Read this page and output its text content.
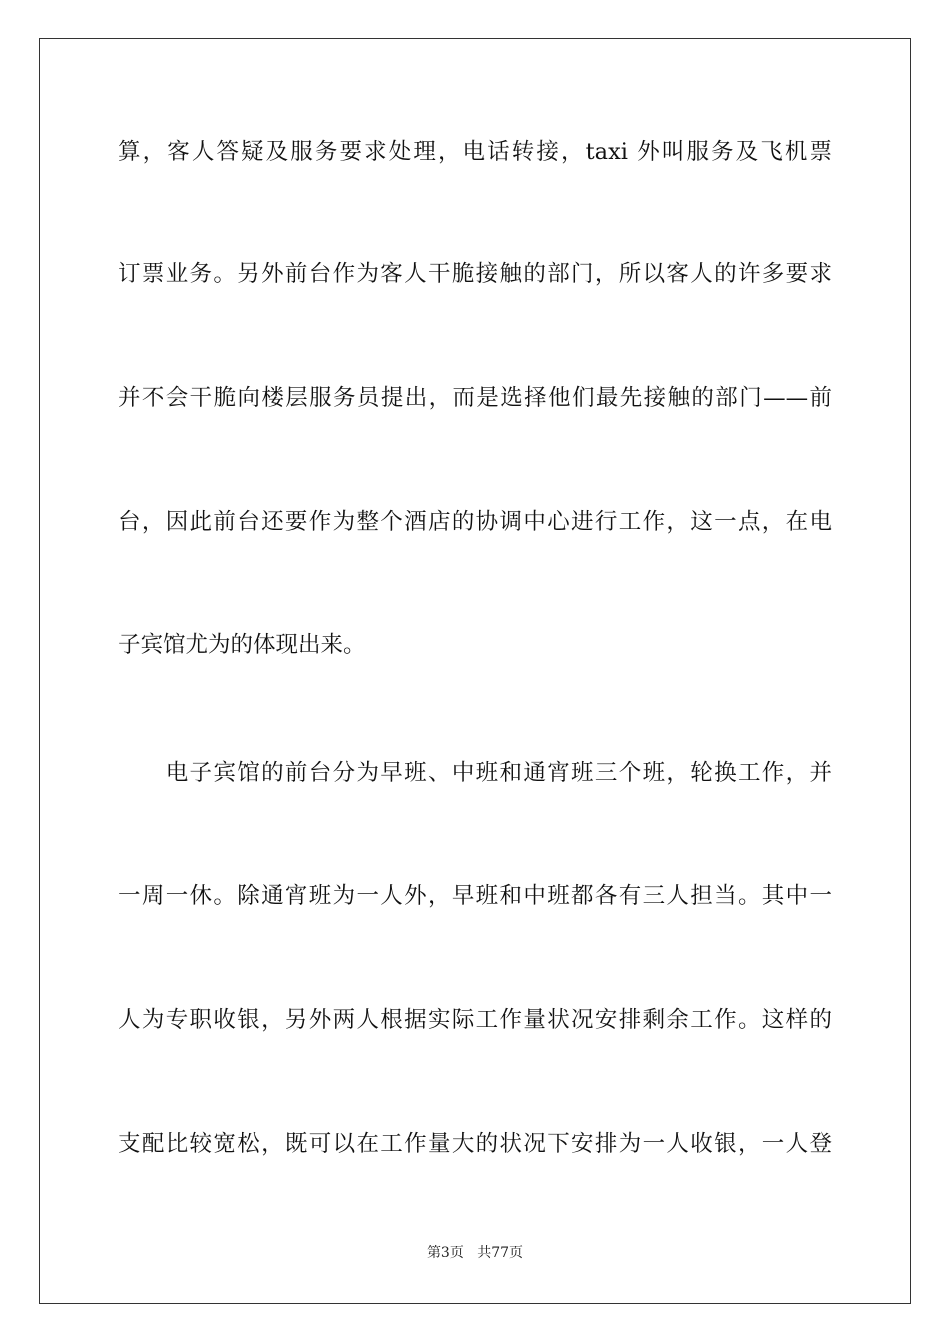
算，客人答疑及服务要求处理，电话转接，taxi 外叫服务及飞机票
订票业务。另外前台作为客人干脆接触的部门，所以客人的许多要求
并不会干脆向楼层服务员提出，而是选择他们最先接触的部门——前
台，因此前台还要作为整个酒店的协调中心进行工作，这一点，在电
子宾馆尤为的体现出来。
　　电子宾馆的前台分为早班、中班和通宵班三个班，轮换工作，并
一周一休。除通宵班为一人外，早班和中班都各有三人担当。其中一
人为专职收银，另外两人根据实际工作量状况安排剩余工作。这样的
支配比较宽松，既可以在工作量大的状况下安排为一人收银，一人登
第3页 共77页
